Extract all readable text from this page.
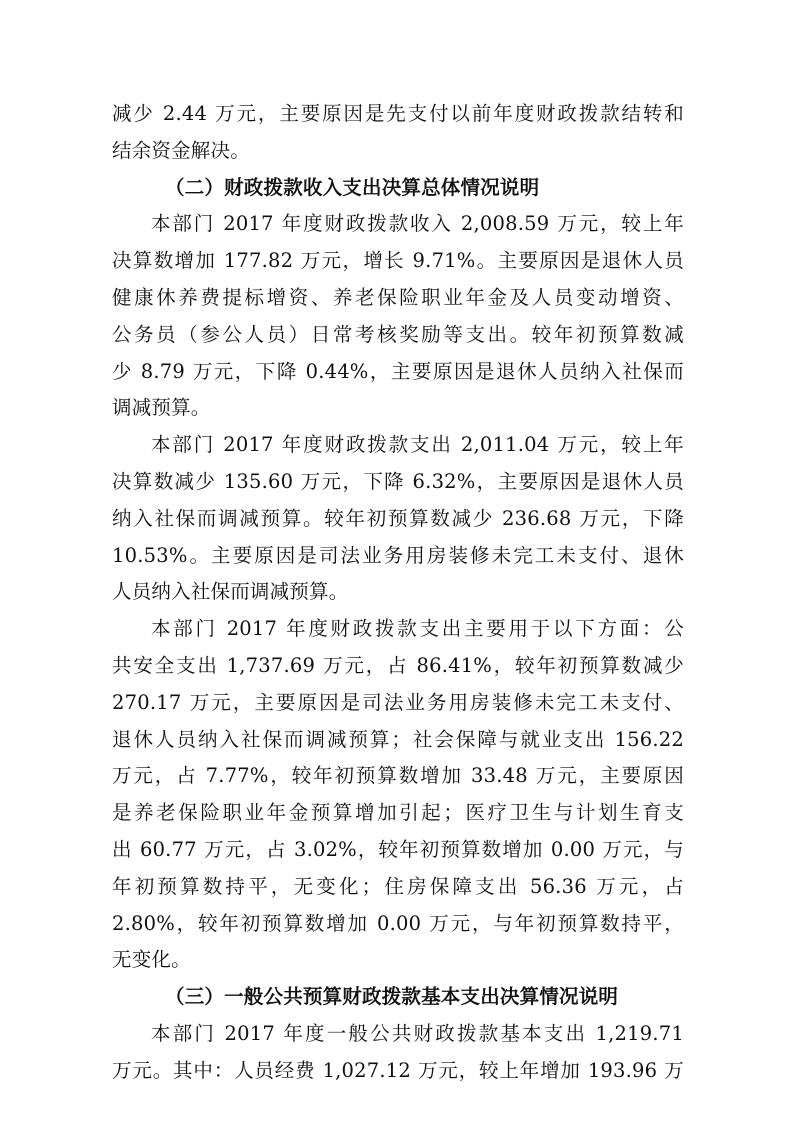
减少 2.44 万元，主要原因是先支付以前年度财政拨款结转和
结余资金解决。
（二）财政拨款收入支出决算总体情况说明
本部门 2017 年度财政拨款收入 2,008.59 万元，较上年
决算数增加 177.82 万元，增长 9.71%。主要原因是退休人员
健康休养费提标增资、养老保险职业年金及人员变动增资、
公务员（参公人员）日常考核奖励等支出。较年初预算数减
少 8.79 万元，下降 0.44%，主要原因是退休人员纳入社保而
调减预算。
本部门 2017 年度财政拨款支出 2,011.04 万元，较上年
决算数减少 135.60 万元，下降 6.32%，主要原因是退休人员
纳入社保而调减预算。较年初预算数减少 236.68 万元，下降
10.53%。主要原因是司法业务用房装修未完工未支付、退休
人员纳入社保而调减预算。
本部门 2017 年度财政拨款支出主要用于以下方面：公
共安全支出 1,737.69 万元，占 86.41%，较年初预算数减少
270.17 万元，主要原因是司法业务用房装修未完工未支付、
退休人员纳入社保而调减预算；社会保障与就业支出 156.22
万元，占 7.77%，较年初预算数增加 33.48 万元，主要原因
是养老保险职业年金预算增加引起；医疗卫生与计划生育支
出 60.77 万元，占 3.02%，较年初预算数增加 0.00 万元，与
年初预算数持平，无变化；住房保障支出 56.36 万元，占
2.80%，较年初预算数增加 0.00 万元，与年初预算数持平，
无变化。
（三）一般公共预算财政拨款基本支出决算情况说明
本部门 2017 年度一般公共财政拨款基本支出 1,219.71
万元。其中：人员经费 1,027.12 万元，较上年增加 193.96 万
